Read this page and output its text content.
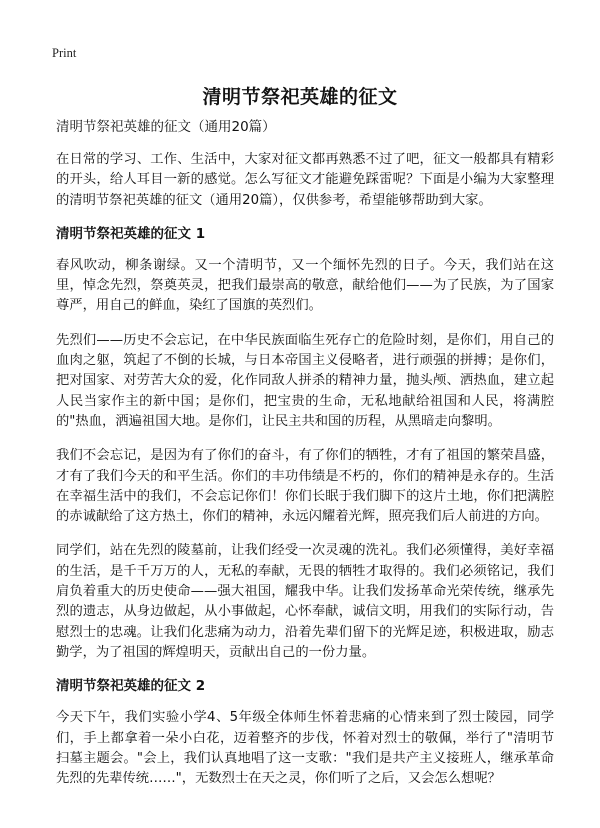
Print
清明节祭祀英雄的征文
清明节祭祀英雄的征文（通用20篇）

在日常的学习、工作、生活中，大家对征文都再熟悉不过了吧，征文一般都具有精彩的开头，给人耳目一新的感觉。怎么写征文才能避免踩雷呢？下面是小编为大家整理的清明节祭祀英雄的征文（通用20篇），仅供参考，希望能够帮助到大家。

清明节祭祀英雄的征文 1

春风吹动，柳条谢绿。又一个清明节，又一个缅怀先烈的日子。今天，我们站在这里，悼念先烈，祭奠英灵，把我们最崇高的敬意，献给他们——为了民族，为了国家尊严，用自己的鲜血，染红了国旗的英烈们。

先烈们——历史不会忘记，在中华民族面临生死存亡的危险时刻，是你们，用自己的血肉之躯，筑起了不倒的长城，与日本帝国主义侵略者，进行顽强的拼搏；是你们，把对国家、对劳苦大众的爱，化作同敌人拼杀的精神力量，抛头颅、洒热血，建立起人民当家作主的新中国；是你们，把宝贵的生命，无私地献给祖国和人民，将满腔的"热血，洒遍祖国大地。是你们，让民主共和国的历程，从黑暗走向黎明。

我们不会忘记，是因为有了你们的奋斗，有了你们的牺牲，才有了祖国的繁荣昌盛，才有了我们今天的和平生活。你们的丰功伟绩是不朽的，你们的精神是永存的。生活在幸福生活中的我们，不会忘记你们！你们长眠于我们脚下的这片土地，你们把满腔的赤诚献给了这方热土，你们的精神，永远闪耀着光辉，照亮我们后人前进的方向。

同学们，站在先烈的陵墓前，让我们经受一次灵魂的洗礼。我们必须懂得，美好幸福的生活，是千千万万的人，无私的奉献，无畏的牺牲才取得的。我们必须铭记，我们肩负着重大的历史使命——强大祖国，耀我中华。让我们发扬革命光荣传统，继承先烈的遗志，从身边做起，从小事做起，心怀奉献，诚信文明，用我们的实际行动，告慰烈士的忠魂。让我们化悲痛为动力，沿着先辈们留下的光辉足迹，积极进取，励志勤学，为了祖国的辉煌明天，贡献出自己的一份力量。

清明节祭祀英雄的征文 2

今天下午，我们实验小学4、5年级全体师生怀着悲痛的心情来到了烈士陵园，同学们，手上都拿着一朵小白花，迈着整齐的步伐，怀着对烈士的敬佩，举行了"清明节扫墓主题会。"会上，我们认真地唱了这一支歌："我们是共产主义接班人，继承革命先烈的先辈传统……"，无数烈士在天之灵，你们听了之后，又会怎么想呢？
